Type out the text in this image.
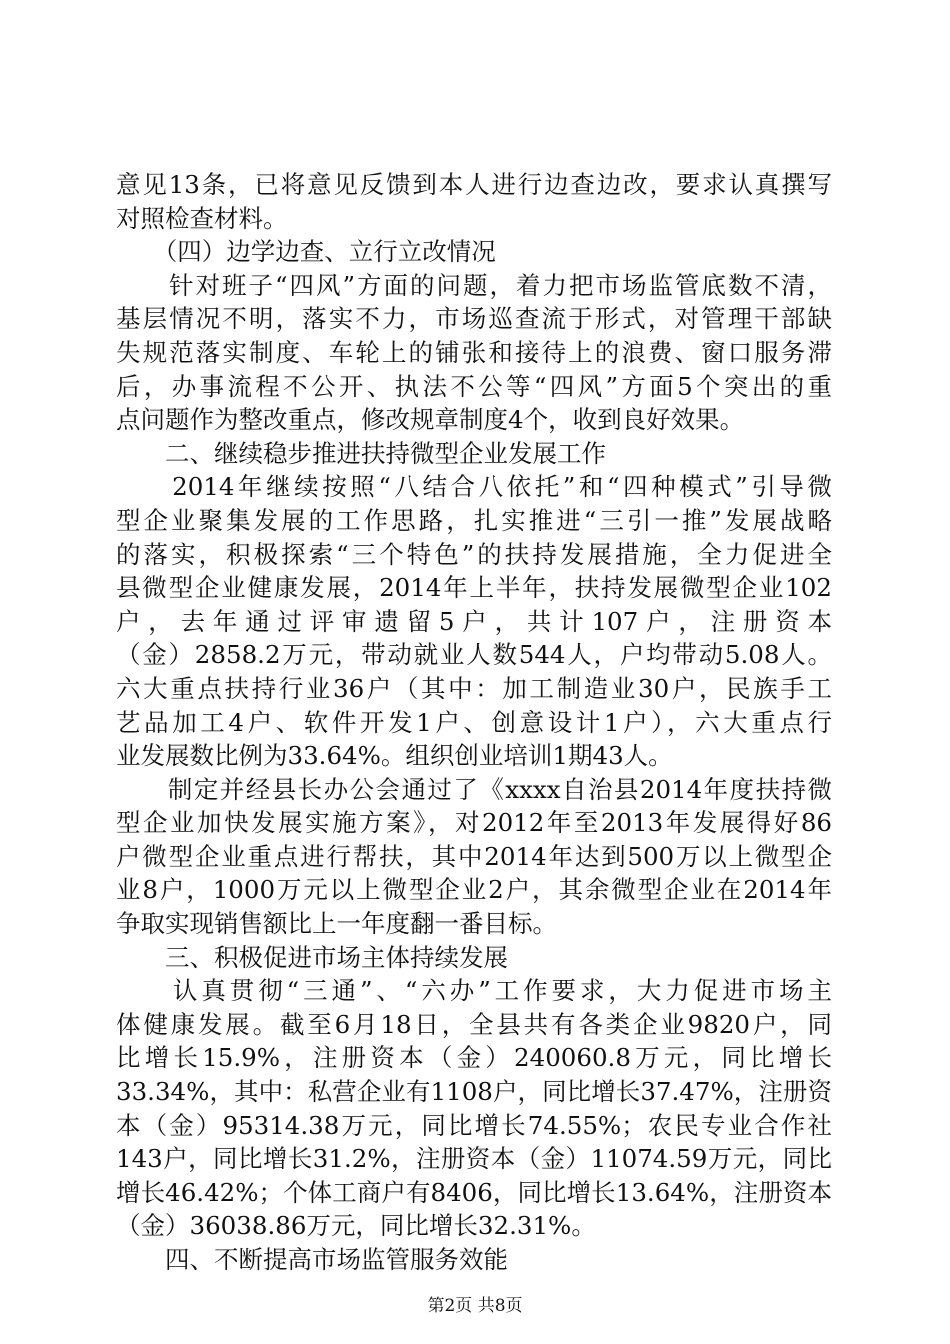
意见13条，已将意见反馈到本人进行边查边改，要求认真撰写
对照检查材料。
　　（四）边学边查、立行立改情况
　　针对班子“四风”方面的问题，着力把市场监管底数不清，
基层情况不明，落实不力，市场巡查流于形式，对管理干部缺
失规范落实制度、车轮上的铺张和接待上的浪费、窗口服务滞
后，办事流程不公开、执法不公等“四风”方面5个突出的重
点问题作为整改重点，修改规章制度4个，收到良好效果。
　　二、继续稳步推进扶持微型企业发展工作
　　2014年继续按照“八结合八依托”和“四种模式”引导微
型企业聚集发展的工作思路，扎实推进“三引一推”发展战略
的落实，积极探索“三个特色”的扶持发展措施，全力促进全
县微型企业健康发展，2014年上半年，扶持发展微型企业102
户，去年通过评审遗留5户，共计107户，注册资本
（金）2858.2万元，带动就业人数544人，户均带动5.08人。
六大重点扶持行业36户（其中：加工制造业30户，民族手工
艺品加工4户、软件开发1户、创意设计1户），六大重点行
业发展数比例为33.64%。组织创业培训1期43人。
　　制定并经县长办公会通过了《xxxx自治县2014年度扶持微
型企业加快发展实施方案》，对2012年至2013年发展得好86
户微型企业重点进行帮扶，其中2014年达到500万以上微型企
业8户，1000万元以上微型企业2户，其余微型企业在2014年
争取实现销售额比上一年度翻一番目标。
　　三、积极促进市场主体持续发展
　　认真贯彻“三通”、“六办”工作要求，大力促进市场主
体健康发展。截至6月18日，全县共有各类企业9820户，同
比增长15.9%，注册资本（金）240060.8万元，同比增长
33.34%，其中：私营企业有1108户，同比增长37.47%，注册资
本（金）95314.38万元，同比增长74.55%；农民专业合作社
143户，同比增长31.2%，注册资本（金）11074.59万元，同比
增长46.42%；个体工商户有8406，同比增长13.64%，注册资本
（金）36038.86万元，同比增长32.31%。
　　四、不断提高市场监管服务效能
第2页 共8页
